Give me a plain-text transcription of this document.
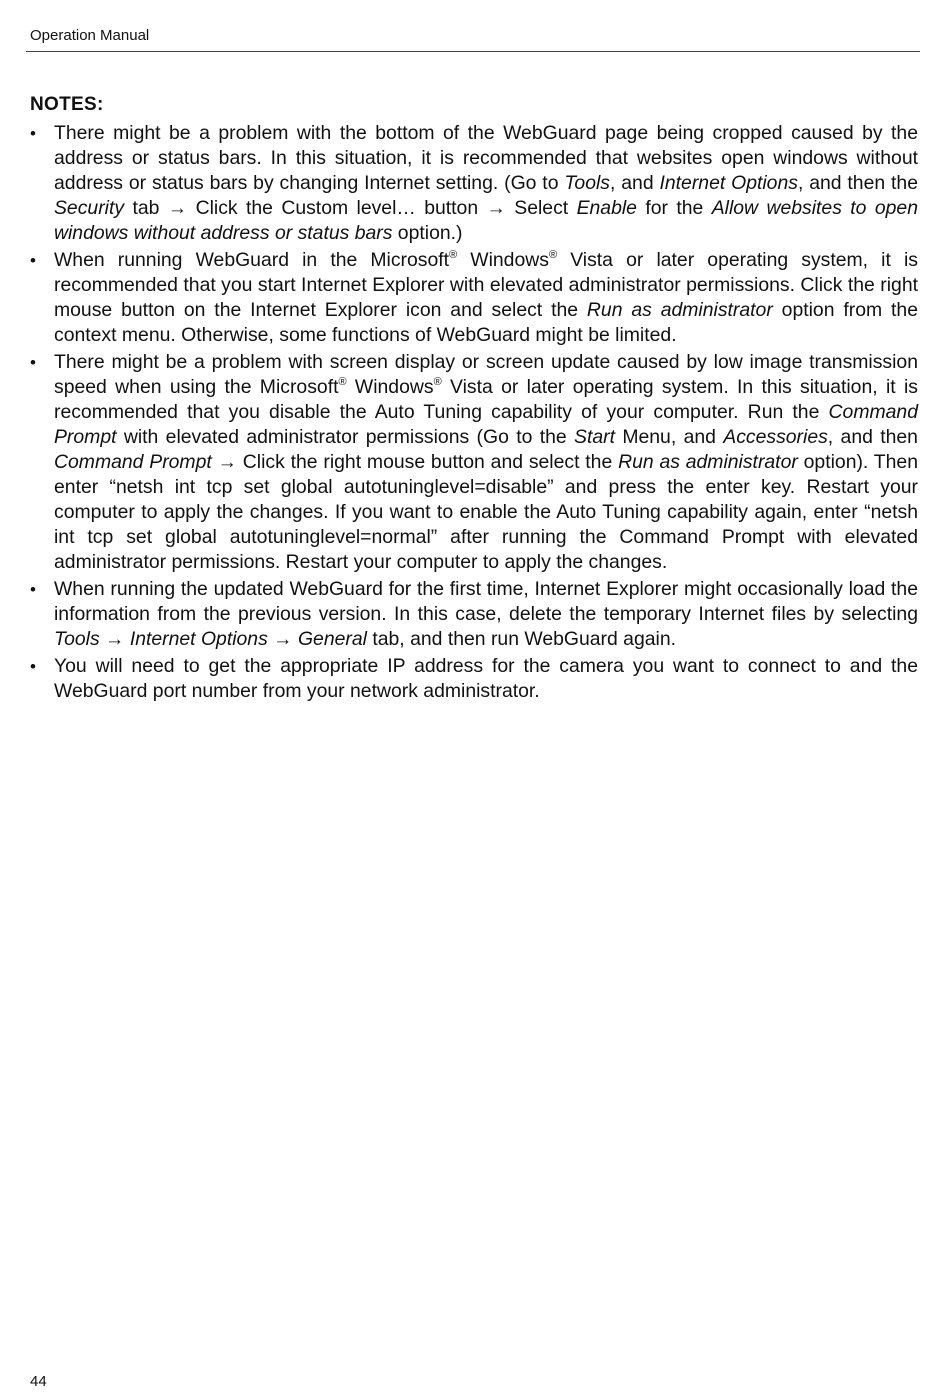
Operation Manual
NOTES:
• There might be a problem with the bottom of the WebGuard page being cropped caused by the address or status bars. In this situation, it is recommended that websites open windows without address or status bars by changing Internet setting. (Go to Tools, and Internet Options, and then the Security tab → Click the Custom level… button → Select Enable for the Allow websites to open windows without address or status bars option.)
• When running WebGuard in the Microsoft® Windows® Vista or later operating system, it is recommended that you start Internet Explorer with elevated administrator permissions. Click the right mouse button on the Internet Explorer icon and select the Run as administrator option from the context menu. Otherwise, some functions of WebGuard might be limited.
• There might be a problem with screen display or screen update caused by low image transmission speed when using the Microsoft® Windows® Vista or later operating system. In this situation, it is recommended that you disable the Auto Tuning capability of your computer. Run the Command Prompt with elevated administrator permissions (Go to the Start Menu, and Accessories, and then Command Prompt → Click the right mouse button and select the Run as administrator option). Then enter “netsh int tcp set global autotuninglevel=disable” and press the enter key. Restart your computer to apply the changes. If you want to enable the Auto Tuning capability again, enter “netsh int tcp set global autotuninglevel=normal” after running the Command Prompt with elevated administrator permissions. Restart your computer to apply the changes.
• When running the updated WebGuard for the first time, Internet Explorer might occasionally load the information from the previous version. In this case, delete the temporary Internet files by selecting Tools → Internet Options → General tab, and then run WebGuard again.
• You will need to get the appropriate IP address for the camera you want to connect to and the WebGuard port number from your network administrator.
44
